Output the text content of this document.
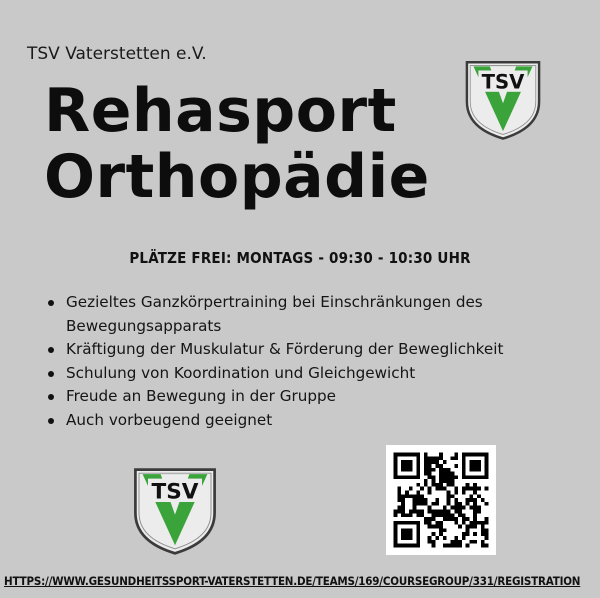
TSV Vaterstetten e.V.
Rehasport
Orthopädie
PLÄTZE FREI: MONTAGS - 09:30 - 10:30 UHR
Gezieltes Ganzkörpertraining bei Einschränkungen des Bewegungsapparats
Kräftigung der Muskulatur & Förderung der Beweglichkeit
Schulung von Koordination und Gleichgewicht
Freude an Bewegung in der Gruppe
Auch vorbeugend geeignet
TSV
TSV
HTTPS://WWW.GESUNDHEITSSPORT-VATERSTETTEN.DE/TEAMS/169/COURSEGROUP/331/REGISTRATION
